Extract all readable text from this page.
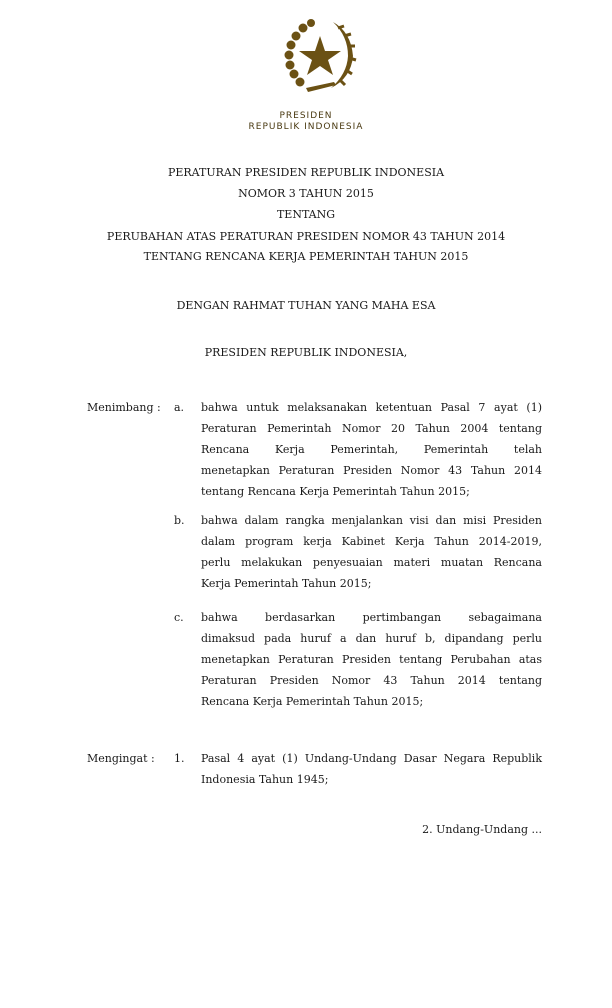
PRESIDEN
REPUBLIK INDONESIA
PERATURAN PRESIDEN REPUBLIK INDONESIA
NOMOR 3 TAHUN 2015
TENTANG
PERUBAHAN ATAS PERATURAN PRESIDEN NOMOR 43 TAHUN 2014
TENTANG RENCANA KERJA PEMERINTAH TAHUN 2015
DENGAN RAHMAT TUHAN YANG MAHA ESA
PRESIDEN REPUBLIK INDONESIA,
Menimbang : a. bahwa untuk melaksanakan ketentuan Pasal 7 ayat (1)
Peraturan Pemerintah Nomor 20 Tahun 2004 tentang
Rencana Kerja Pemerintah, Pemerintah telah
menetapkan Peraturan Presiden Nomor 43 Tahun 2014
tentang Rencana Kerja Pemerintah Tahun 2015;
b. bahwa dalam rangka menjalankan visi dan misi Presiden
dalam program kerja Kabinet Kerja Tahun 2014-2019,
perlu melakukan penyesuaian materi muatan Rencana
Kerja Pemerintah Tahun 2015;
c. bahwa berdasarkan pertimbangan sebagaimana
dimaksud pada huruf a dan huruf b, dipandang perlu
menetapkan Peraturan Presiden tentang Perubahan atas
Peraturan Presiden Nomor 43 Tahun 2014 tentang
Rencana Kerja Pemerintah Tahun 2015;
Mengingat : 1. Pasal 4 ayat (1) Undang-Undang Dasar Negara Republik
Indonesia Tahun 1945;
2. Undang-Undang ...
